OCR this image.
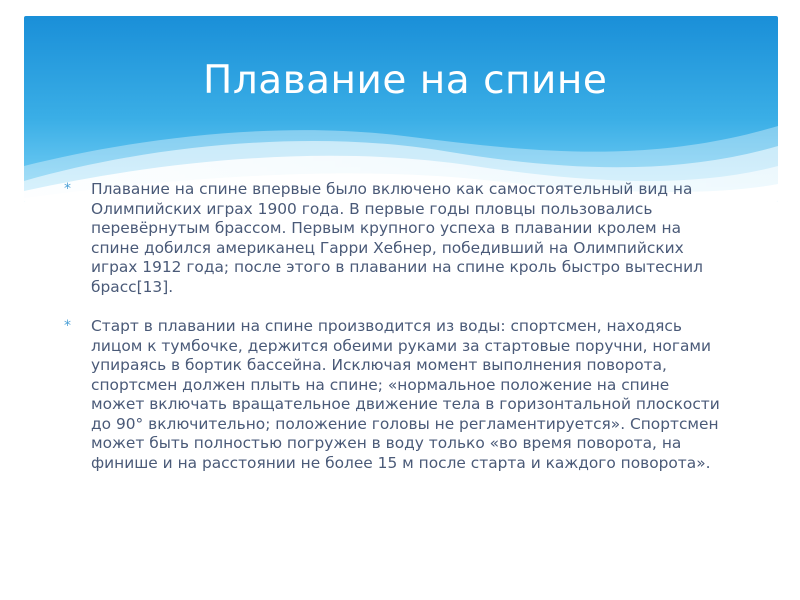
Плавание на спине
* Плавание на спине впервые было включено как самостоятельный вид на Олимпийских играх 1900 года. В первые годы пловцы пользовались перевёрнутым брассом. Первым крупного успеха в плавании кролем на спине добился американец Гарри Хебнер, победивший на Олимпийских играх 1912 года; после этого в плавании на спине кроль быстро вытеснил брасс[13].
* Старт в плавании на спине производится из воды: спортсмен, находясь лицом к тумбочке, держится обеими руками за стартовые поручни, ногами упираясь в бортик бассейна. Исключая момент выполнения поворота, спортсмен должен плыть на спине; «нормальное положение на спине может включать вращательное движение тела в горизонтальной плоскости до 90° включительно; положение головы не регламентируется». Спортсмен может быть полностью погружен в воду только «во время поворота, на финише и на расстоянии не более 15 м после старта и каждого поворота».
